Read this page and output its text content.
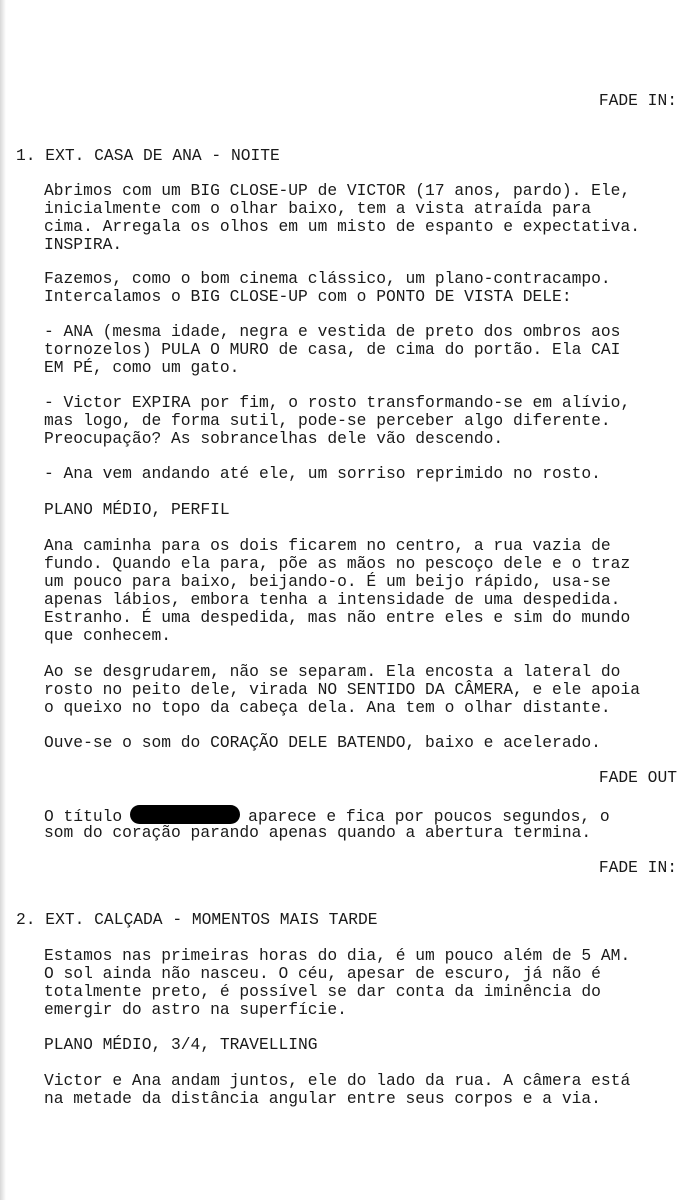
FADE IN:
1. EXT. CASA DE ANA - NOITE
Abrimos com um BIG CLOSE-UP de VICTOR (17 anos, pardo). Ele,
inicialmente com o olhar baixo, tem a vista atraída para
cima. Arregala os olhos em um misto de espanto e expectativa.
INSPIRA.
Fazemos, como o bom cinema clássico, um plano-contracampo.
Intercalamos o BIG CLOSE-UP com o PONTO DE VISTA DELE:
- ANA (mesma idade, negra e vestida de preto dos ombros aos
tornozelos) PULA O MURO de casa, de cima do portão. Ela CAI
EM PÉ, como um gato.
- Victor EXPIRA por fim, o rosto transformando-se em alívio,
mas logo, de forma sutil, pode-se perceber algo diferente.
Preocupação? As sobrancelhas dele vão descendo.
- Ana vem andando até ele, um sorriso reprimido no rosto.
PLANO MÉDIO, PERFIL
Ana caminha para os dois ficarem no centro, a rua vazia de
fundo. Quando ela para, põe as mãos no pescoço dele e o traz
um pouco para baixo, beijando-o. É um beijo rápido, usa-se
apenas lábios, embora tenha a intensidade de uma despedida.
Estranho. É uma despedida, mas não entre eles e sim do mundo
que conhecem.
Ao se desgrudarem, não se separam. Ela encosta a lateral do
rosto no peito dele, virada NO SENTIDO DA CÂMERA, e ele apoia
o queixo no topo da cabeça dela. Ana tem o olhar distante.
Ouve-se o som do CORAÇÃO DELE BATENDO, baixo e acelerado.
FADE OUT
O título	aparece e fica por poucos segundos, o
som do coração parando apenas quando a abertura termina.
FADE IN:
2. EXT. CALÇADA - MOMENTOS MAIS TARDE
Estamos nas primeiras horas do dia, é um pouco além de 5 AM.
O sol ainda não nasceu. O céu, apesar de escuro, já não é
totalmente preto, é possível se dar conta da iminência do
emergir do astro na superfície.
PLANO MÉDIO, 3/4, TRAVELLING
Victor e Ana andam juntos, ele do lado da rua. A câmera está
na metade da distância angular entre seus corpos e a via.
